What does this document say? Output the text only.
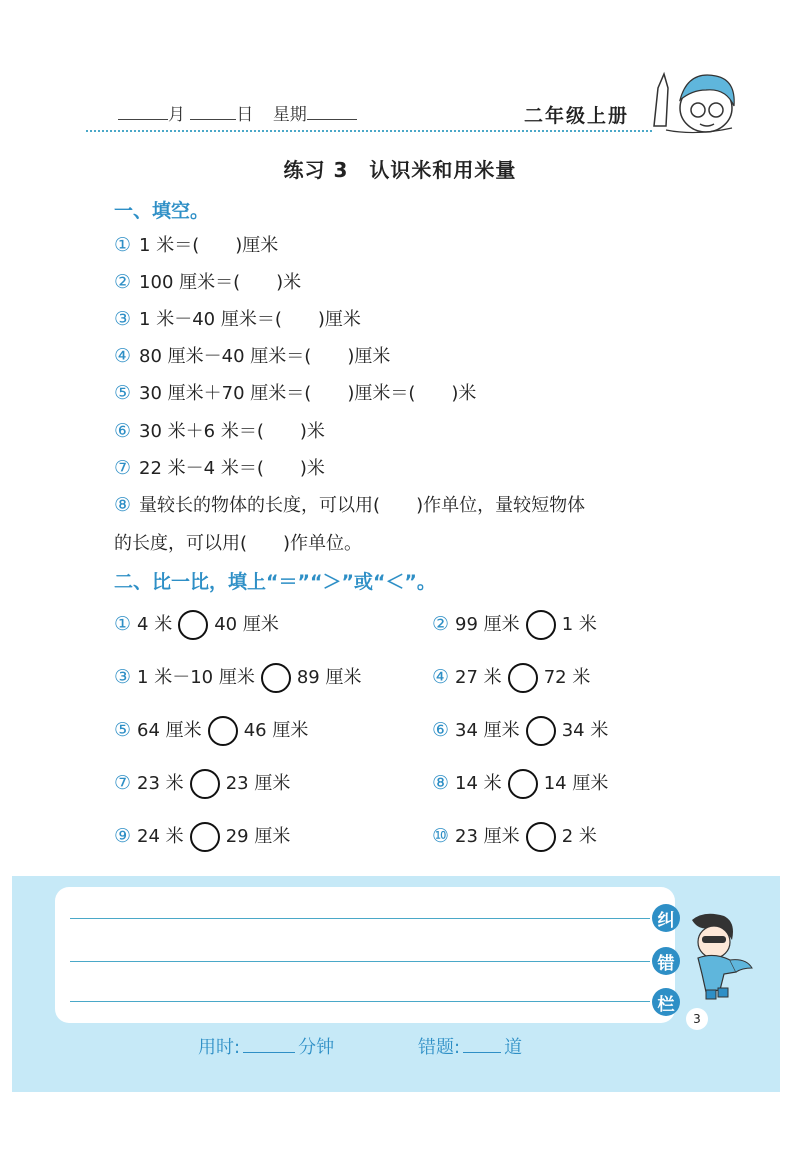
月	日 星期	二年级上册
练习 3　认识米和用米量
一、填空。
① 1 米＝(　　)厘米
② 100 厘米＝(　　)米
③ 1 米－40 厘米＝(　　)厘米
④ 80 厘米－40 厘米＝(　　)厘米
⑤ 30 厘米＋70 厘米＝(　　)厘米＝(　　)米
⑥ 30 米＋6 米＝(　　)米
⑦ 22 米－4 米＝(　　)米
⑧ 量较长的物体的长度，可以用(　　)作单位，量较短物体
的长度，可以用(　　)作单位。
二、比一比，填上“＝”“＞”或“＜”。
① 4 米 40 厘米	② 99 厘米 1 米
③ 1 米－10 厘米 89 厘米	④ 27 米 72 米
⑤ 64 厘米 46 厘米	⑥ 34 厘米 34 米
⑦ 23 米 23 厘米	⑧ 14 米 14 厘米
⑨ 24 米 29 厘米	⑩ 23 厘米 2 米
纠
错
栏
3
用时:	分钟	错题: 道
